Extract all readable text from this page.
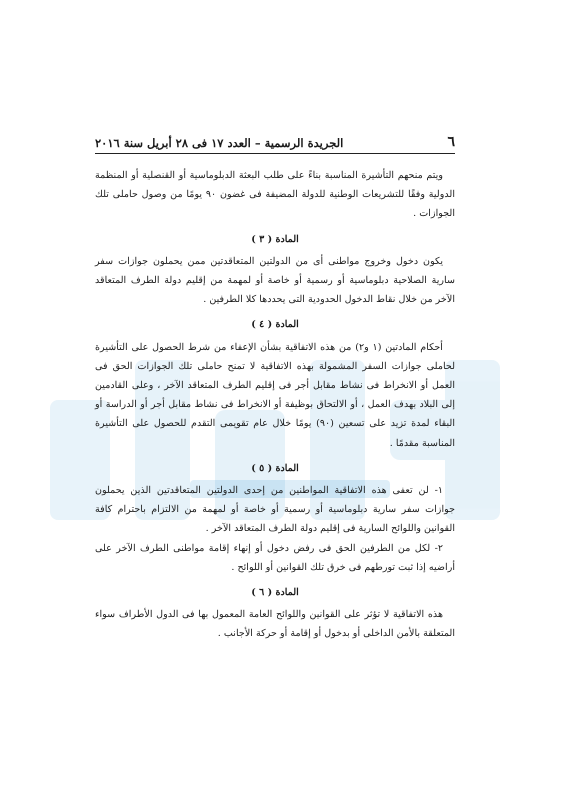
٦
الجريدة الرسمية – العدد ١٧ فى ٢٨ أبريل سنة ٢٠١٦

ويتم منحهم التأشيرة المناسبة بناءً على طلب البعثة الدبلوماسية أو القنصلية أو المنظمة الدولية وفقًا للتشريعات الوطنية للدولة المضيفة فى غضون ٩٠ يومًا من وصول حاملى تلك الجوازات .

المادة ( ٣ )

يكون دخول وخروج مواطنى أى من الدولتين المتعاقدتين ممن يحملون جوازات سفر سارية الصلاحية دبلوماسية أو رسمية أو خاصة أو لمهمة من إقليم دولة الطرف المتعاقد الآخر من خلال نقاط الدخول الحدودية التى يحددها كلا الطرفين .

المادة ( ٤ )

أحكام المادتين (١ و٢) من هذه الاتفاقية بشأن الإعفاء من شرط الحصول على التأشيرة لحاملى جوازات السفر المشمولة بهذه الاتفاقية لا تمنح حاملى تلك الجوازات الحق فى العمل أو الانخراط فى نشاط مقابل أجر فى إقليم الطرف المتعاقد الآخر ، وعلى القادمين إلى البلاد بهدف العمل ، أو الالتحاق بوظيفة أو الانخراط فى نشاط مقابل أجر أو الدراسة أو البقاء لمدة تزيد على تسعين (٩٠) يومًا خلال عام تقويمى التقدم للحصول على التأشيرة المناسبة مقدمًا .

المادة ( ٥ )

١- لن تعفى هذه الاتفاقية المواطنين من إحدى الدولتين المتعاقدتين الذين يحملون جوازات سفر سارية دبلوماسية أو رسمية أو خاصة أو لمهمة من الالتزام باحترام كافة القوانين واللوائح السارية فى إقليم دولة الطرف المتعاقد الآخر .

٢- لكل من الطرفين الحق فى رفض دخول أو إنهاء إقامة مواطنى الطرف الآخر على أراضيه إذا ثبت تورطهم فى خرق تلك القوانين أو اللوائح .

المادة ( ٦ )

هذه الاتفاقية لا تؤثر على القوانين واللوائح العامة المعمول بها فى الدول الأطراف سواء المتعلقة بالأمن الداخلى أو بدخول أو إقامة أو حركة الأجانب .
